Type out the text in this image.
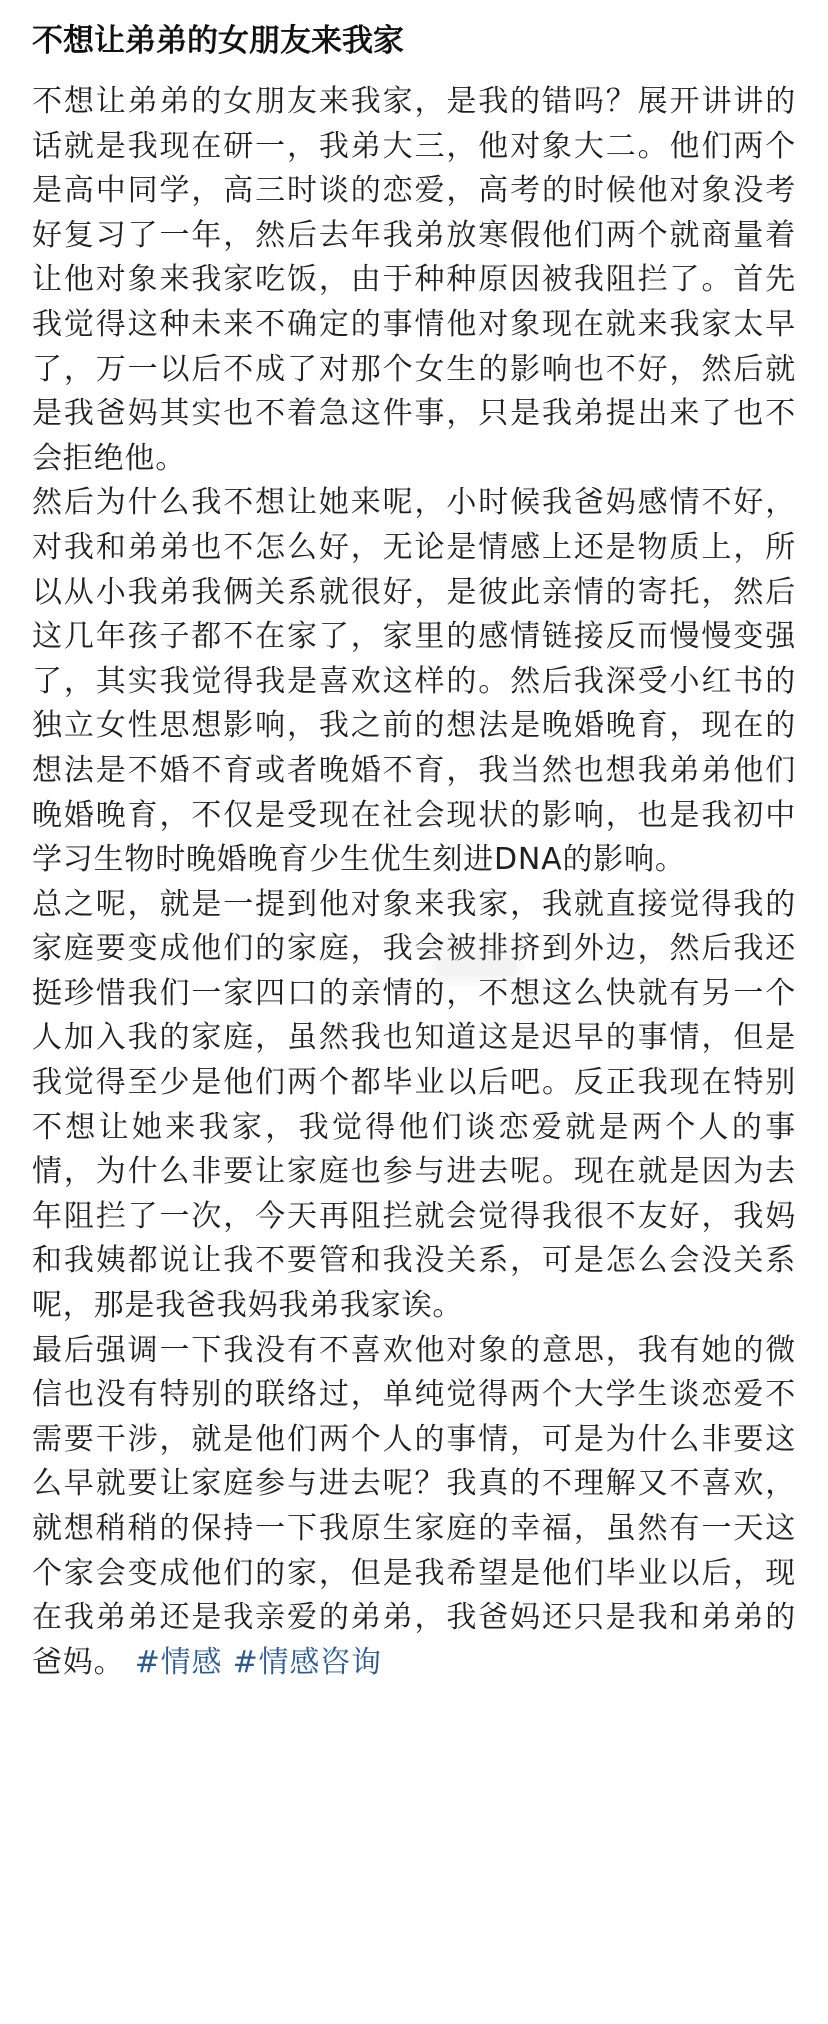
不想让弟弟的女朋友来我家

不想让弟弟的女朋友来我家，是我的错吗？展开讲讲的话就是我现在研一，我弟大三，他对象大二。他们两个是高中同学，高三时谈的恋爱，高考的时候他对象没考好复习了一年，然后去年我弟放寒假他们两个就商量着让他对象来我家吃饭，由于种种原因被我阻拦了。首先我觉得这种未来不确定的事情他对象现在就来我家太早了，万一以后不成了对那个女生的影响也不好，然后就是我爸妈其实也不着急这件事，只是我弟提出来了也不会拒绝他。

然后为什么我不想让她来呢，小时候我爸妈感情不好，对我和弟弟也不怎么好，无论是情感上还是物质上，所以从小我弟我俩关系就很好，是彼此亲情的寄托，然后这几年孩子都不在家了，家里的感情链接反而慢慢变强了，其实我觉得我是喜欢这样的。然后我深受小红书的独立女性思想影响，我之前的想法是晚婚晚育，现在的想法是不婚不育或者晚婚不育，我当然也想我弟弟他们晚婚晚育，不仅是受现在社会现状的影响，也是我初中学习生物时晚婚晚育少生优生刻进DNA的影响。

总之呢，就是一提到他对象来我家，我就直接觉得我的家庭要变成他们的家庭，我会被排挤到外边，然后我还挺珍惜我们一家四口的亲情的，不想这么快就有另一个人加入我的家庭，虽然我也知道这是迟早的事情，但是我觉得至少是他们两个都毕业以后吧。反正我现在特别不想让她来我家，我觉得他们谈恋爱就是两个人的事情，为什么非要让家庭也参与进去呢。现在就是因为去年阻拦了一次，今天再阻拦就会觉得我很不友好，我妈和我姨都说让我不要管和我没关系，可是怎么会没关系呢，那是我爸我妈我弟我家诶。

最后强调一下我没有不喜欢他对象的意思，我有她的微信也没有特别的联络过，单纯觉得两个大学生谈恋爱不需要干涉，就是他们两个人的事情，可是为什么非要这么早就要让家庭参与进去呢？我真的不理解又不喜欢，就想稍稍的保持一下我原生家庭的幸福，虽然有一天这个家会变成他们的家，但是我希望是他们毕业以后，现在我弟弟还是我亲爱的弟弟，我爸妈还只是我和弟弟的爸妈。 #情感 #情感咨询
